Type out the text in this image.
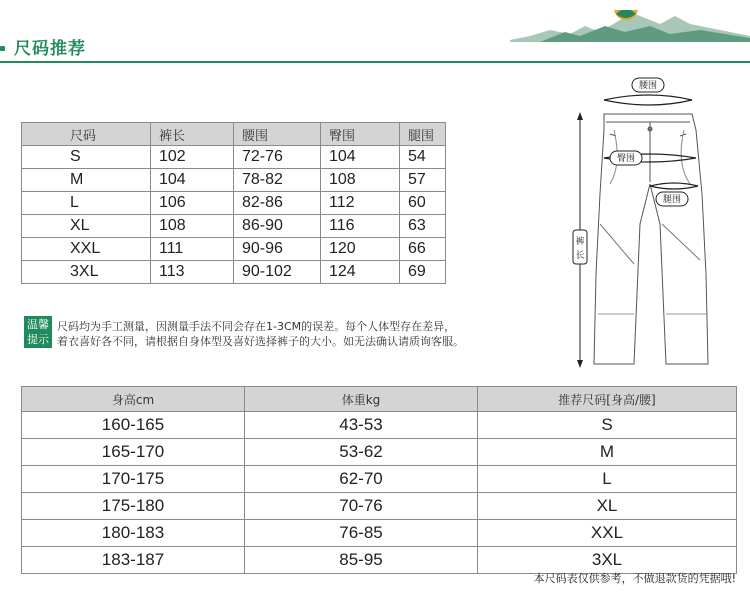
尺码推荐
尺码	裤长	腰围	臀围	腿围
S	102	72-76	104	54
M	104	78-82	108	57
L	106	82-86	112	60
XL	108	86-90	116	63
XXL	111	90-96	120	66
3XL	113	90-102	124	69
腰围
臀围
腿围
裤
长
温馨
提示
尺码均为手工测量，因测量手法不同会存在1-3CM的误差。每个人体型存在差异，
着衣喜好各不同，请根据自身体型及喜好选择裤子的大小。如无法确认请质询客服。
身高cm	体重kg	推荐尺码[身高/腰]
160-165	43-53	S
165-170	53-62	M
170-175	62-70	L
175-180	70-76	XL
180-183	76-85	XXL
183-187	85-95	3XL
本尺码表仅供参考，不做退款货的凭据哦!
